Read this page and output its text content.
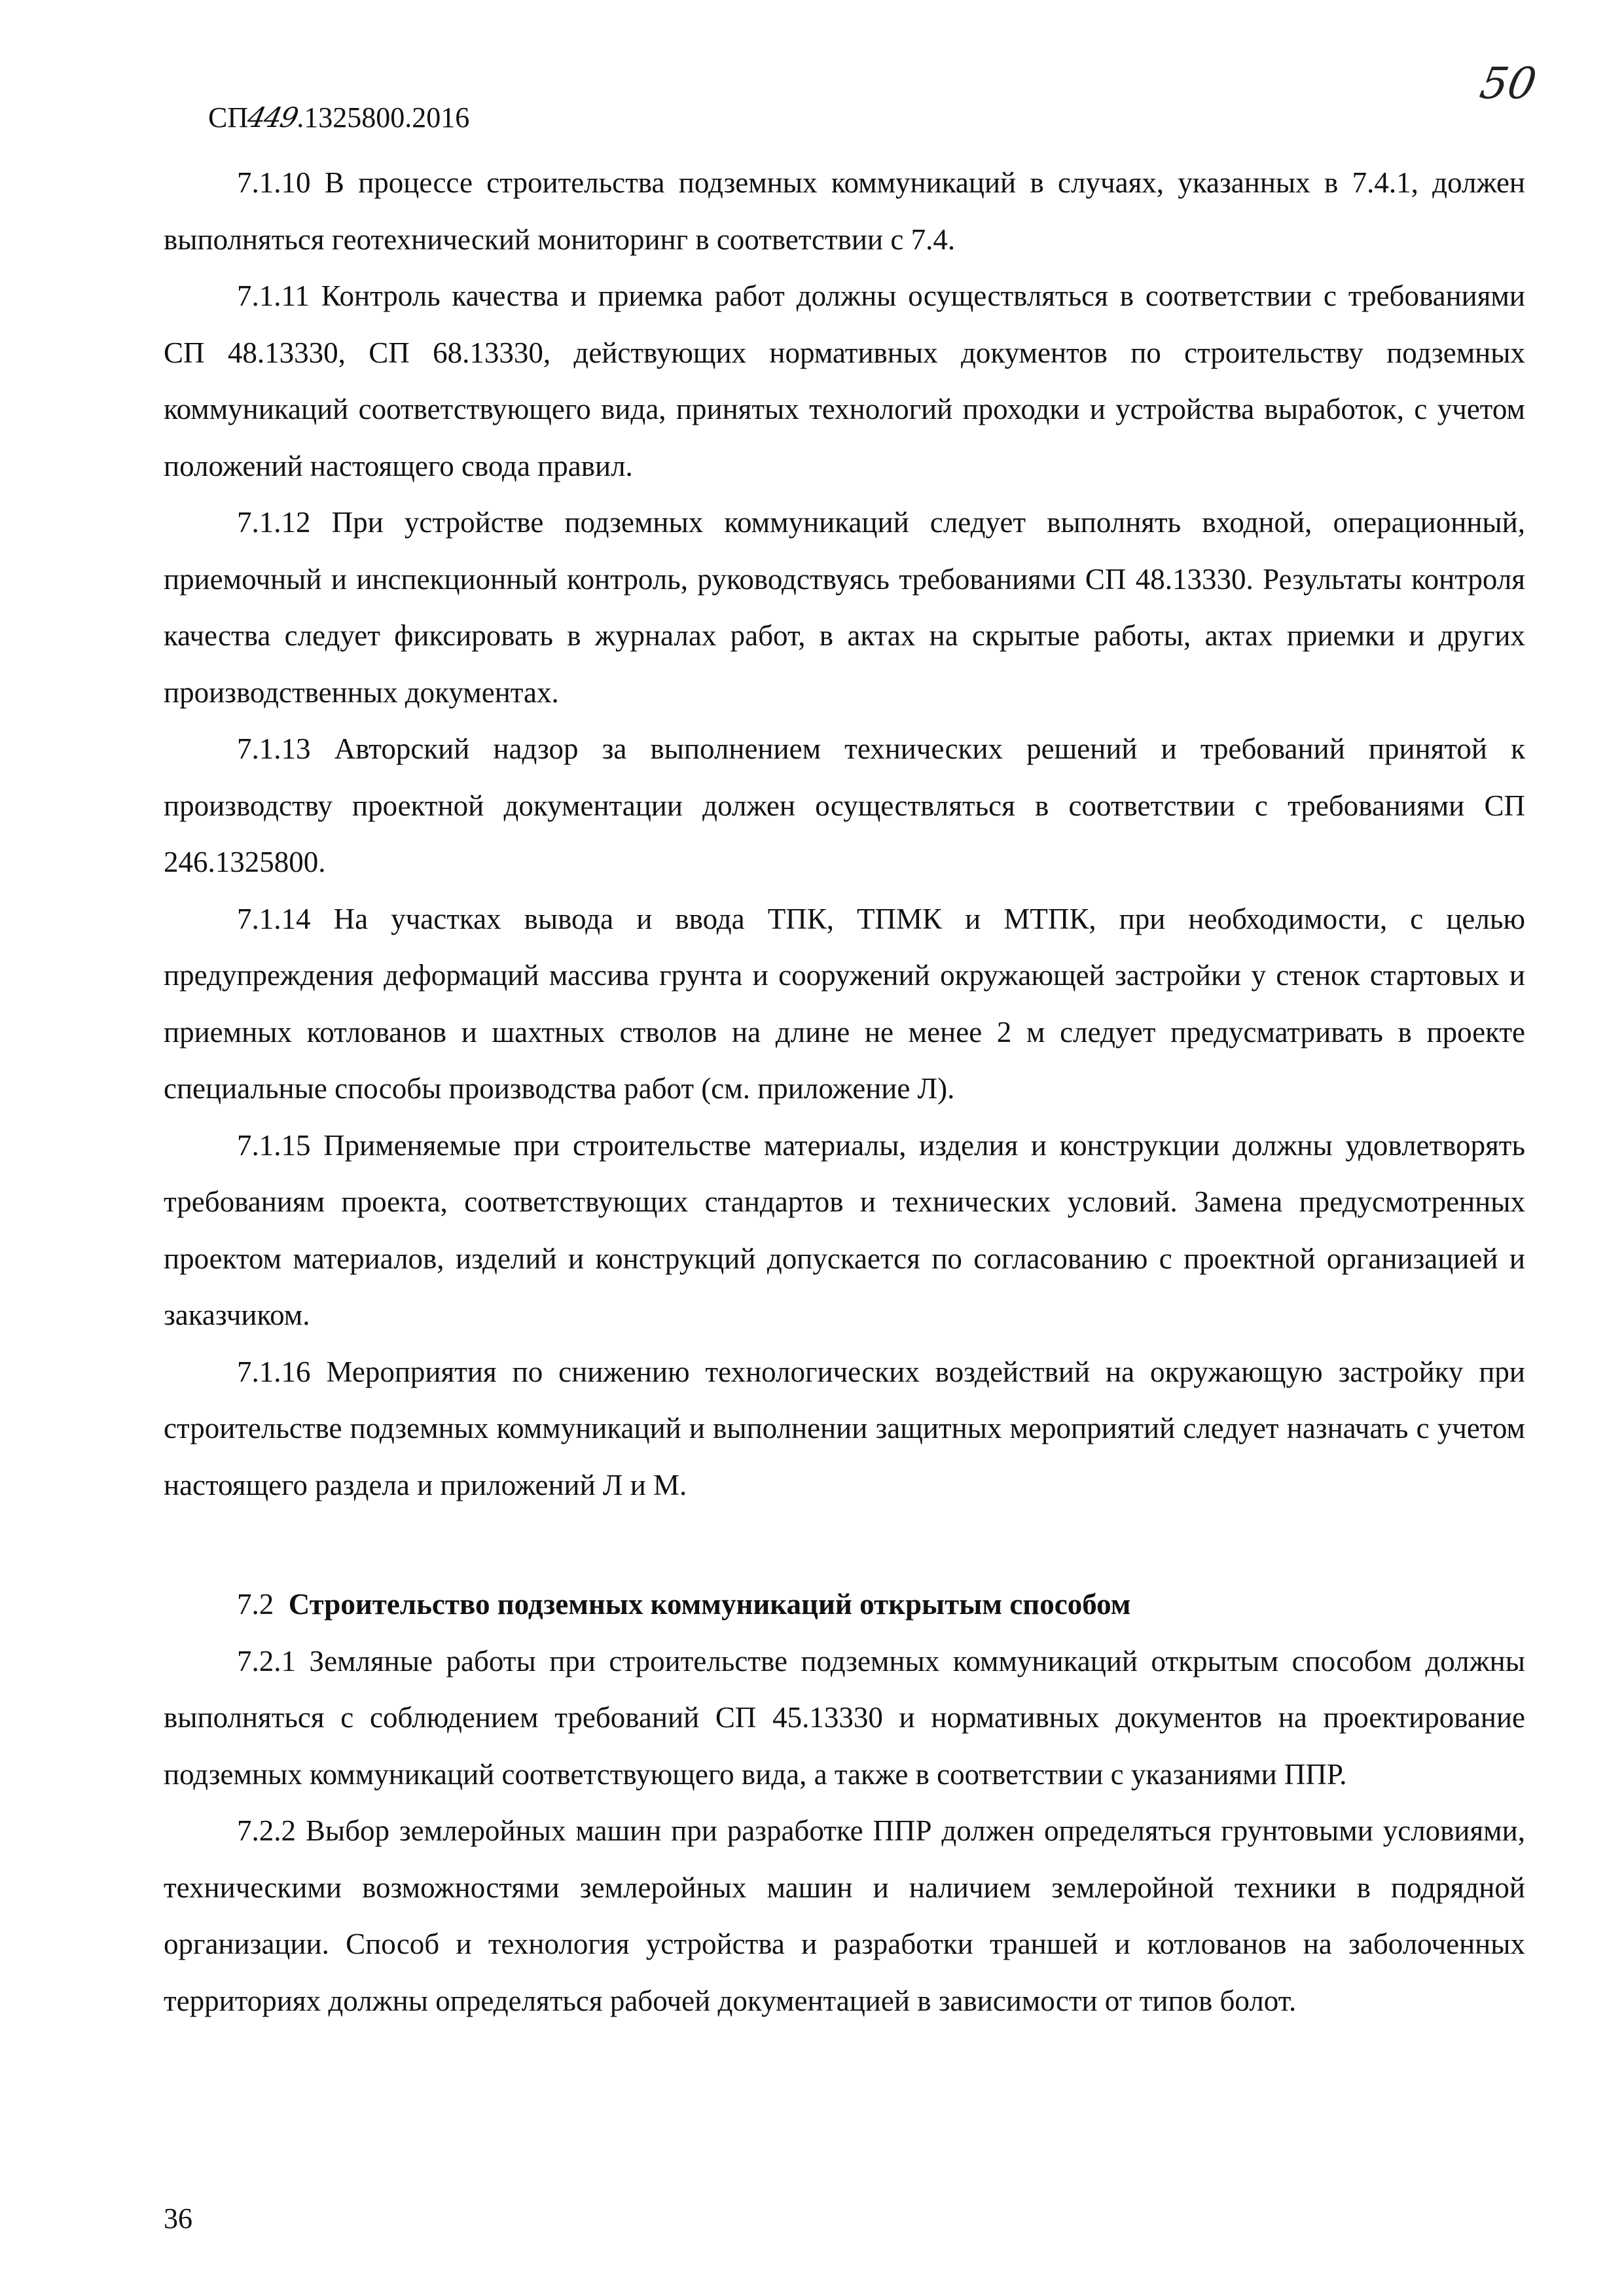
СП449.1325800.2016
50

7.1.10 В процессе строительства подземных коммуникаций в случаях, указанных в 7.4.1, должен выполняться геотехнический мониторинг в соответствии с 7.4.

7.1.11 Контроль качества и приемка работ должны осуществляться в соответствии с требованиями СП 48.13330, СП 68.13330, действующих нормативных документов по строительству подземных коммуникаций соответствующего вида, принятых технологий проходки и устройства выработок, с учетом положений настоящего свода правил.

7.1.12 При устройстве подземных коммуникаций следует выполнять входной, операционный, приемочный и инспекционный контроль, руководствуясь требованиями СП 48.13330. Результаты контроля качества следует фиксировать в журналах работ, в актах на скрытые работы, актах приемки и других производственных документах.

7.1.13 Авторский надзор за выполнением технических решений и требований принятой к производству проектной документации должен осуществляться в соответствии с требованиями СП 246.1325800.

7.1.14 На участках вывода и ввода ТПК, ТПМК и МТПК, при необходимости, с целью предупреждения деформаций массива грунта и сооружений окружающей застройки у стенок стартовых и приемных котлованов и шахтных стволов на длине не менее 2 м следует предусматривать в проекте специальные способы производства работ (см. приложение Л).

7.1.15 Применяемые при строительстве материалы, изделия и конструкции должны удовлетворять требованиям проекта, соответствующих стандартов и технических условий. Замена предусмотренных проектом материалов, изделий и конструкций допускается по согласованию с проектной организацией и заказчиком.

7.1.16 Мероприятия по снижению технологических воздействий на окружающую застройку при строительстве подземных коммуникаций и выполнении защитных мероприятий следует назначать с учетом настоящего раздела и приложений Л и М.

7.2 Строительство подземных коммуникаций открытым способом

7.2.1 Земляные работы при строительстве подземных коммуникаций открытым способом должны выполняться с соблюдением требований СП 45.13330 и нормативных документов на проектирование подземных коммуникаций соответствующего вида, а также в соответствии с указаниями ППР.

7.2.2 Выбор землеройных машин при разработке ППР должен определяться грунтовыми условиями, техническими возможностями землеройных машин и наличием землеройной техники в подрядной организации. Способ и технология устройства и разработки траншей и котлованов на заболоченных территориях должны определяться рабочей документацией в зависимости от типов болот.

36
